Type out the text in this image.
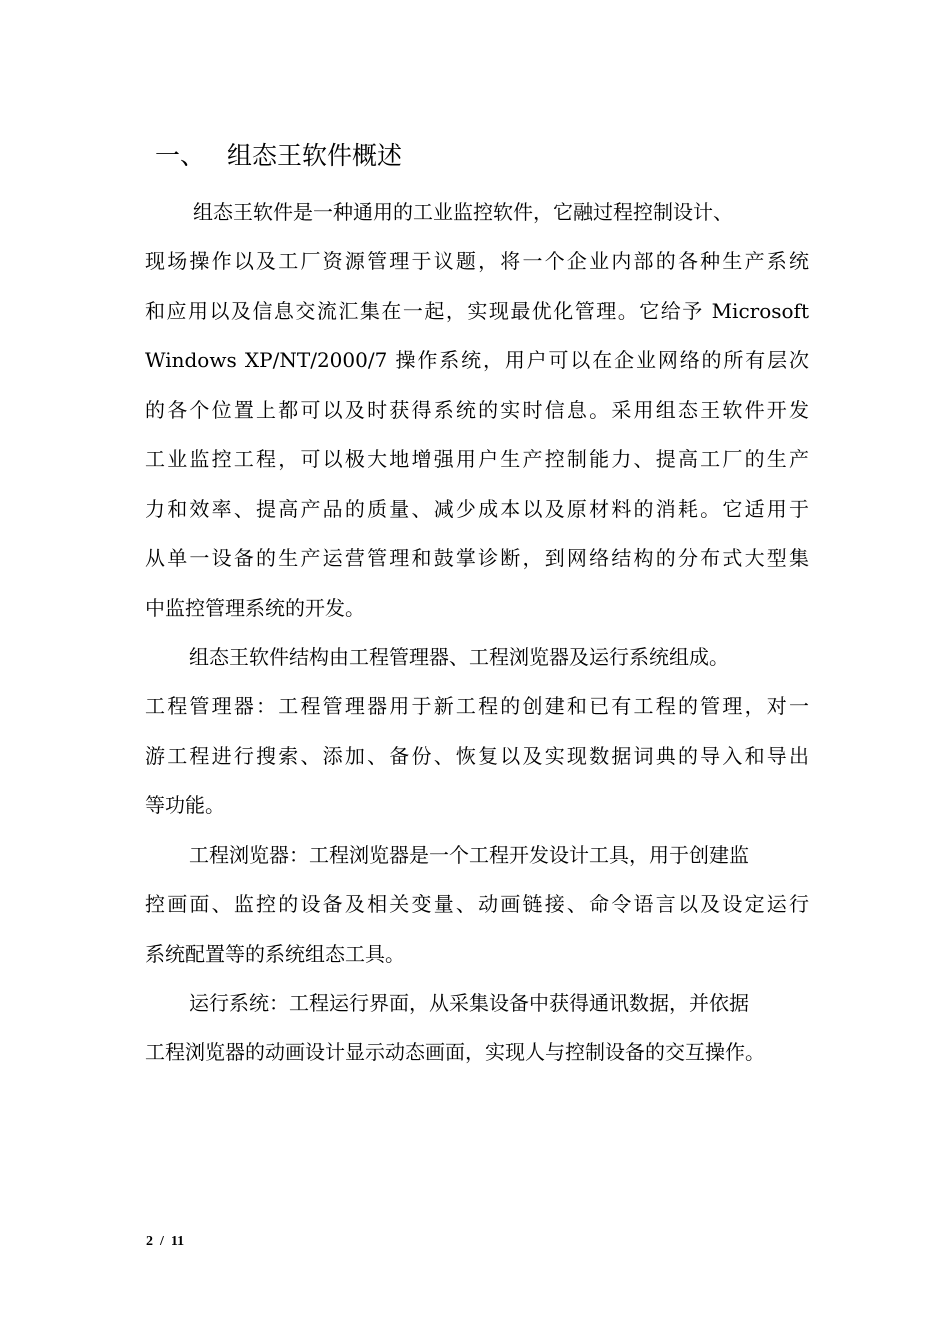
一、 组态王软件概述
组态王软件是一种通用的工业监控软件，它融过程控制设计、
现场操作以及工厂资源管理于议题，将一个企业内部的各种生产系统
和应用以及信息交流汇集在一起，实现最优化管理。它给予 Microsoft
Windows XP/NT/2000/7 操作系统，用户可以在企业网络的所有层次
的各个位置上都可以及时获得系统的实时信息。采用组态王软件开发
工业监控工程，可以极大地增强用户生产控制能力、提高工厂的生产
力和效率、提高产品的质量、减少成本以及原材料的消耗。它适用于
从单一设备的生产运营管理和鼓掌诊断，到网络结构的分布式大型集
中监控管理系统的开发。
组态王软件结构由工程管理器、工程浏览器及运行系统组成。
工程管理器：工程管理器用于新工程的创建和已有工程的管理，对一
游工程进行搜索、添加、备份、恢复以及实现数据词典的导入和导出
等功能。
工程浏览器：工程浏览器是一个工程开发设计工具，用于创建监
控画面、监控的设备及相关变量、动画链接、命令语言以及设定运行
系统配置等的系统组态工具。
运行系统：工程运行界面，从采集设备中获得通讯数据，并依据
工程浏览器的动画设计显示动态画面，实现人与控制设备的交互操作。
2  /  11
